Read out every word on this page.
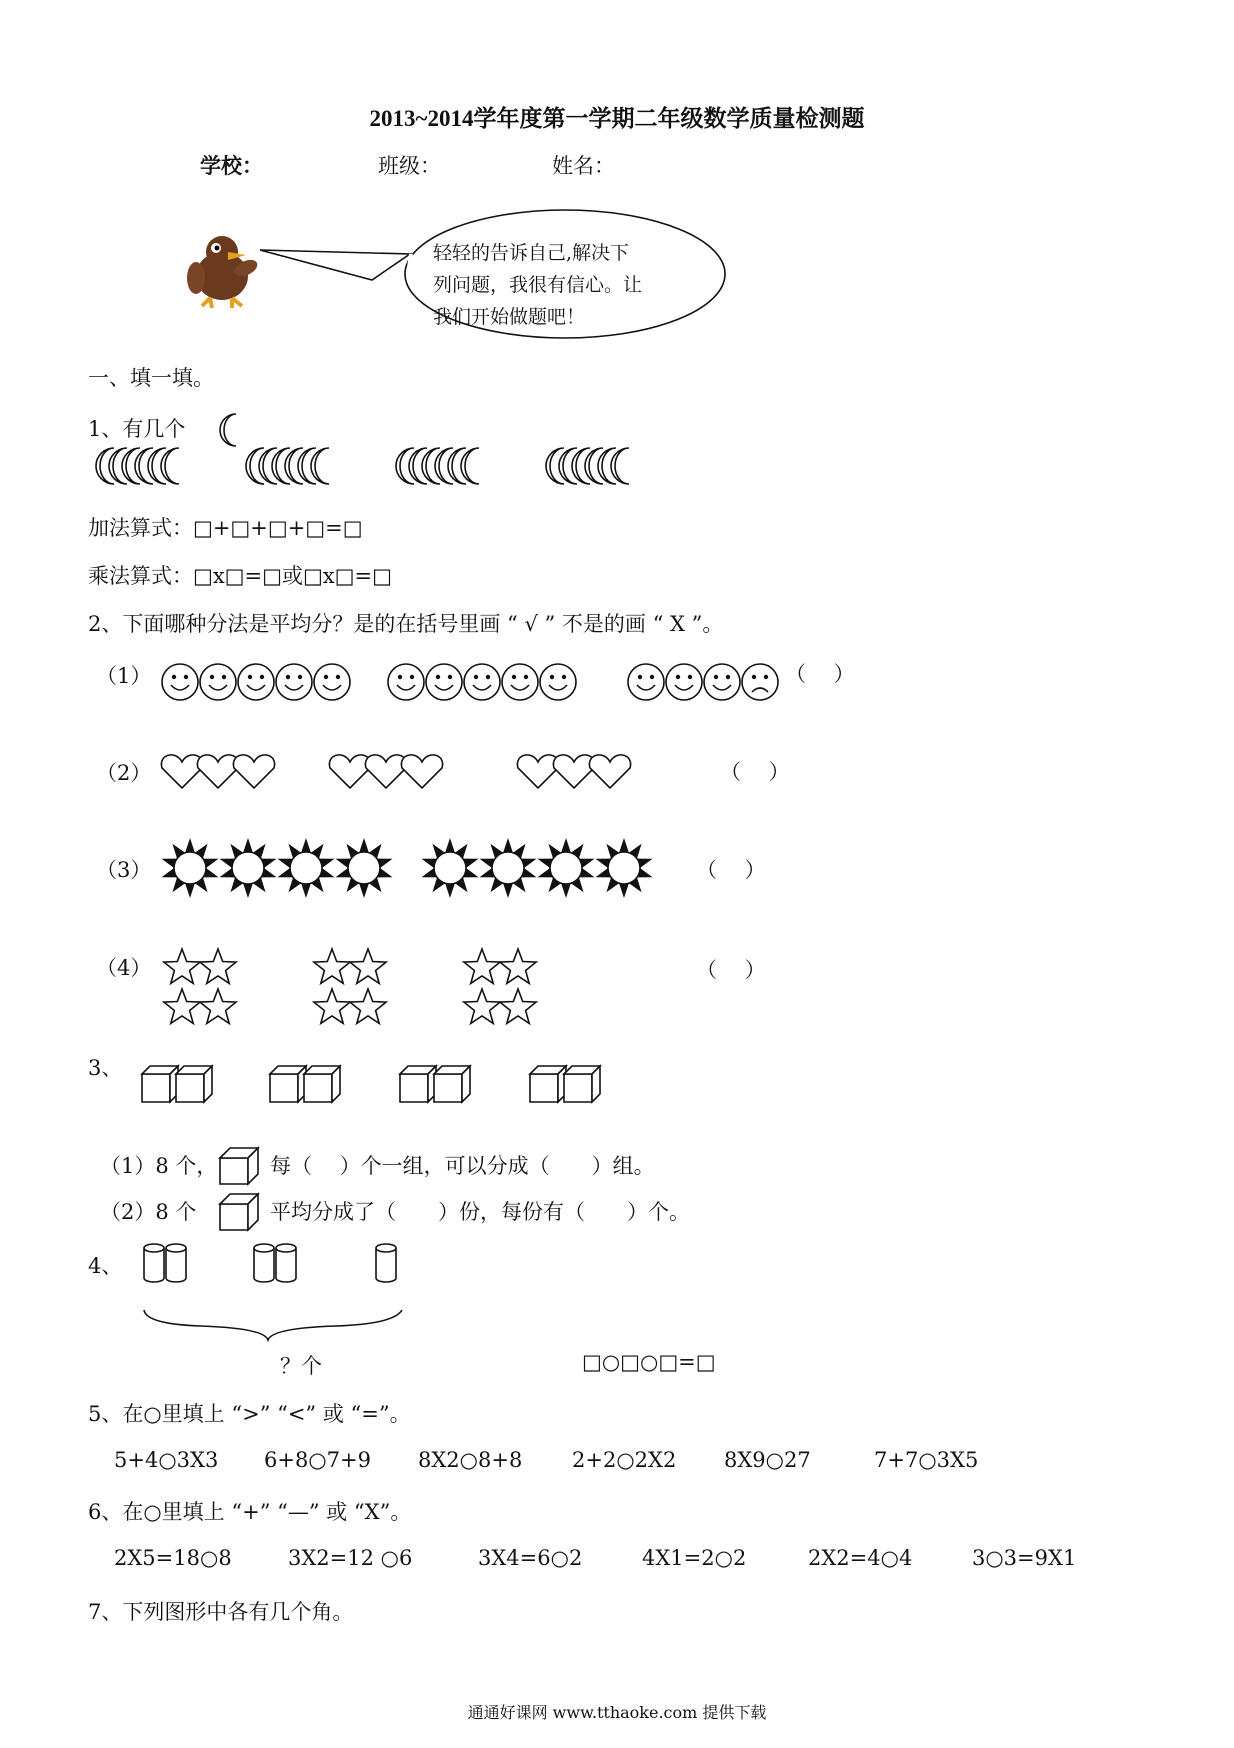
2013~2014学年度第一学期二年级数学质量检测题
学校：	班级：	姓名：
轻轻的告诉自己,解决下
列问题，我很有信心。让
我们开始做题吧！
一、填一填。
1、有几个
加法算式：□+□+□+□=□
乘法算式：□x□=□或□x□=□
2、下面哪种分法是平均分？是的在括号里画 “ √ ” 不是的画 “ X ”。
（1）	（　 ）
（2）	（　 ）
（3）	（　 ）
（4）	（　 ）
3、
（1）8 个，	每（　 ）个一组，可以分成（　　）组。
（2）8 个	平均分成了（　　）份，每份有（　　）个。
4、
？个	□○□○□=□
5、在○里填上 “>” “<” 或 “=”。
5+4○3X3 6+8○7+9 8X2○8+8 2+2○2X2 8X9○27	7+7○3X5
6、在○里填上 “+” “—” 或 “X”。
2X5=18○8	3X2=12 ○6	3X4=6○2	4X1=2○2	2X2=4○4	3○3=9X1
7、下列图形中各有几个角。
通通好课网 www.tthaoke.com 提供下载
